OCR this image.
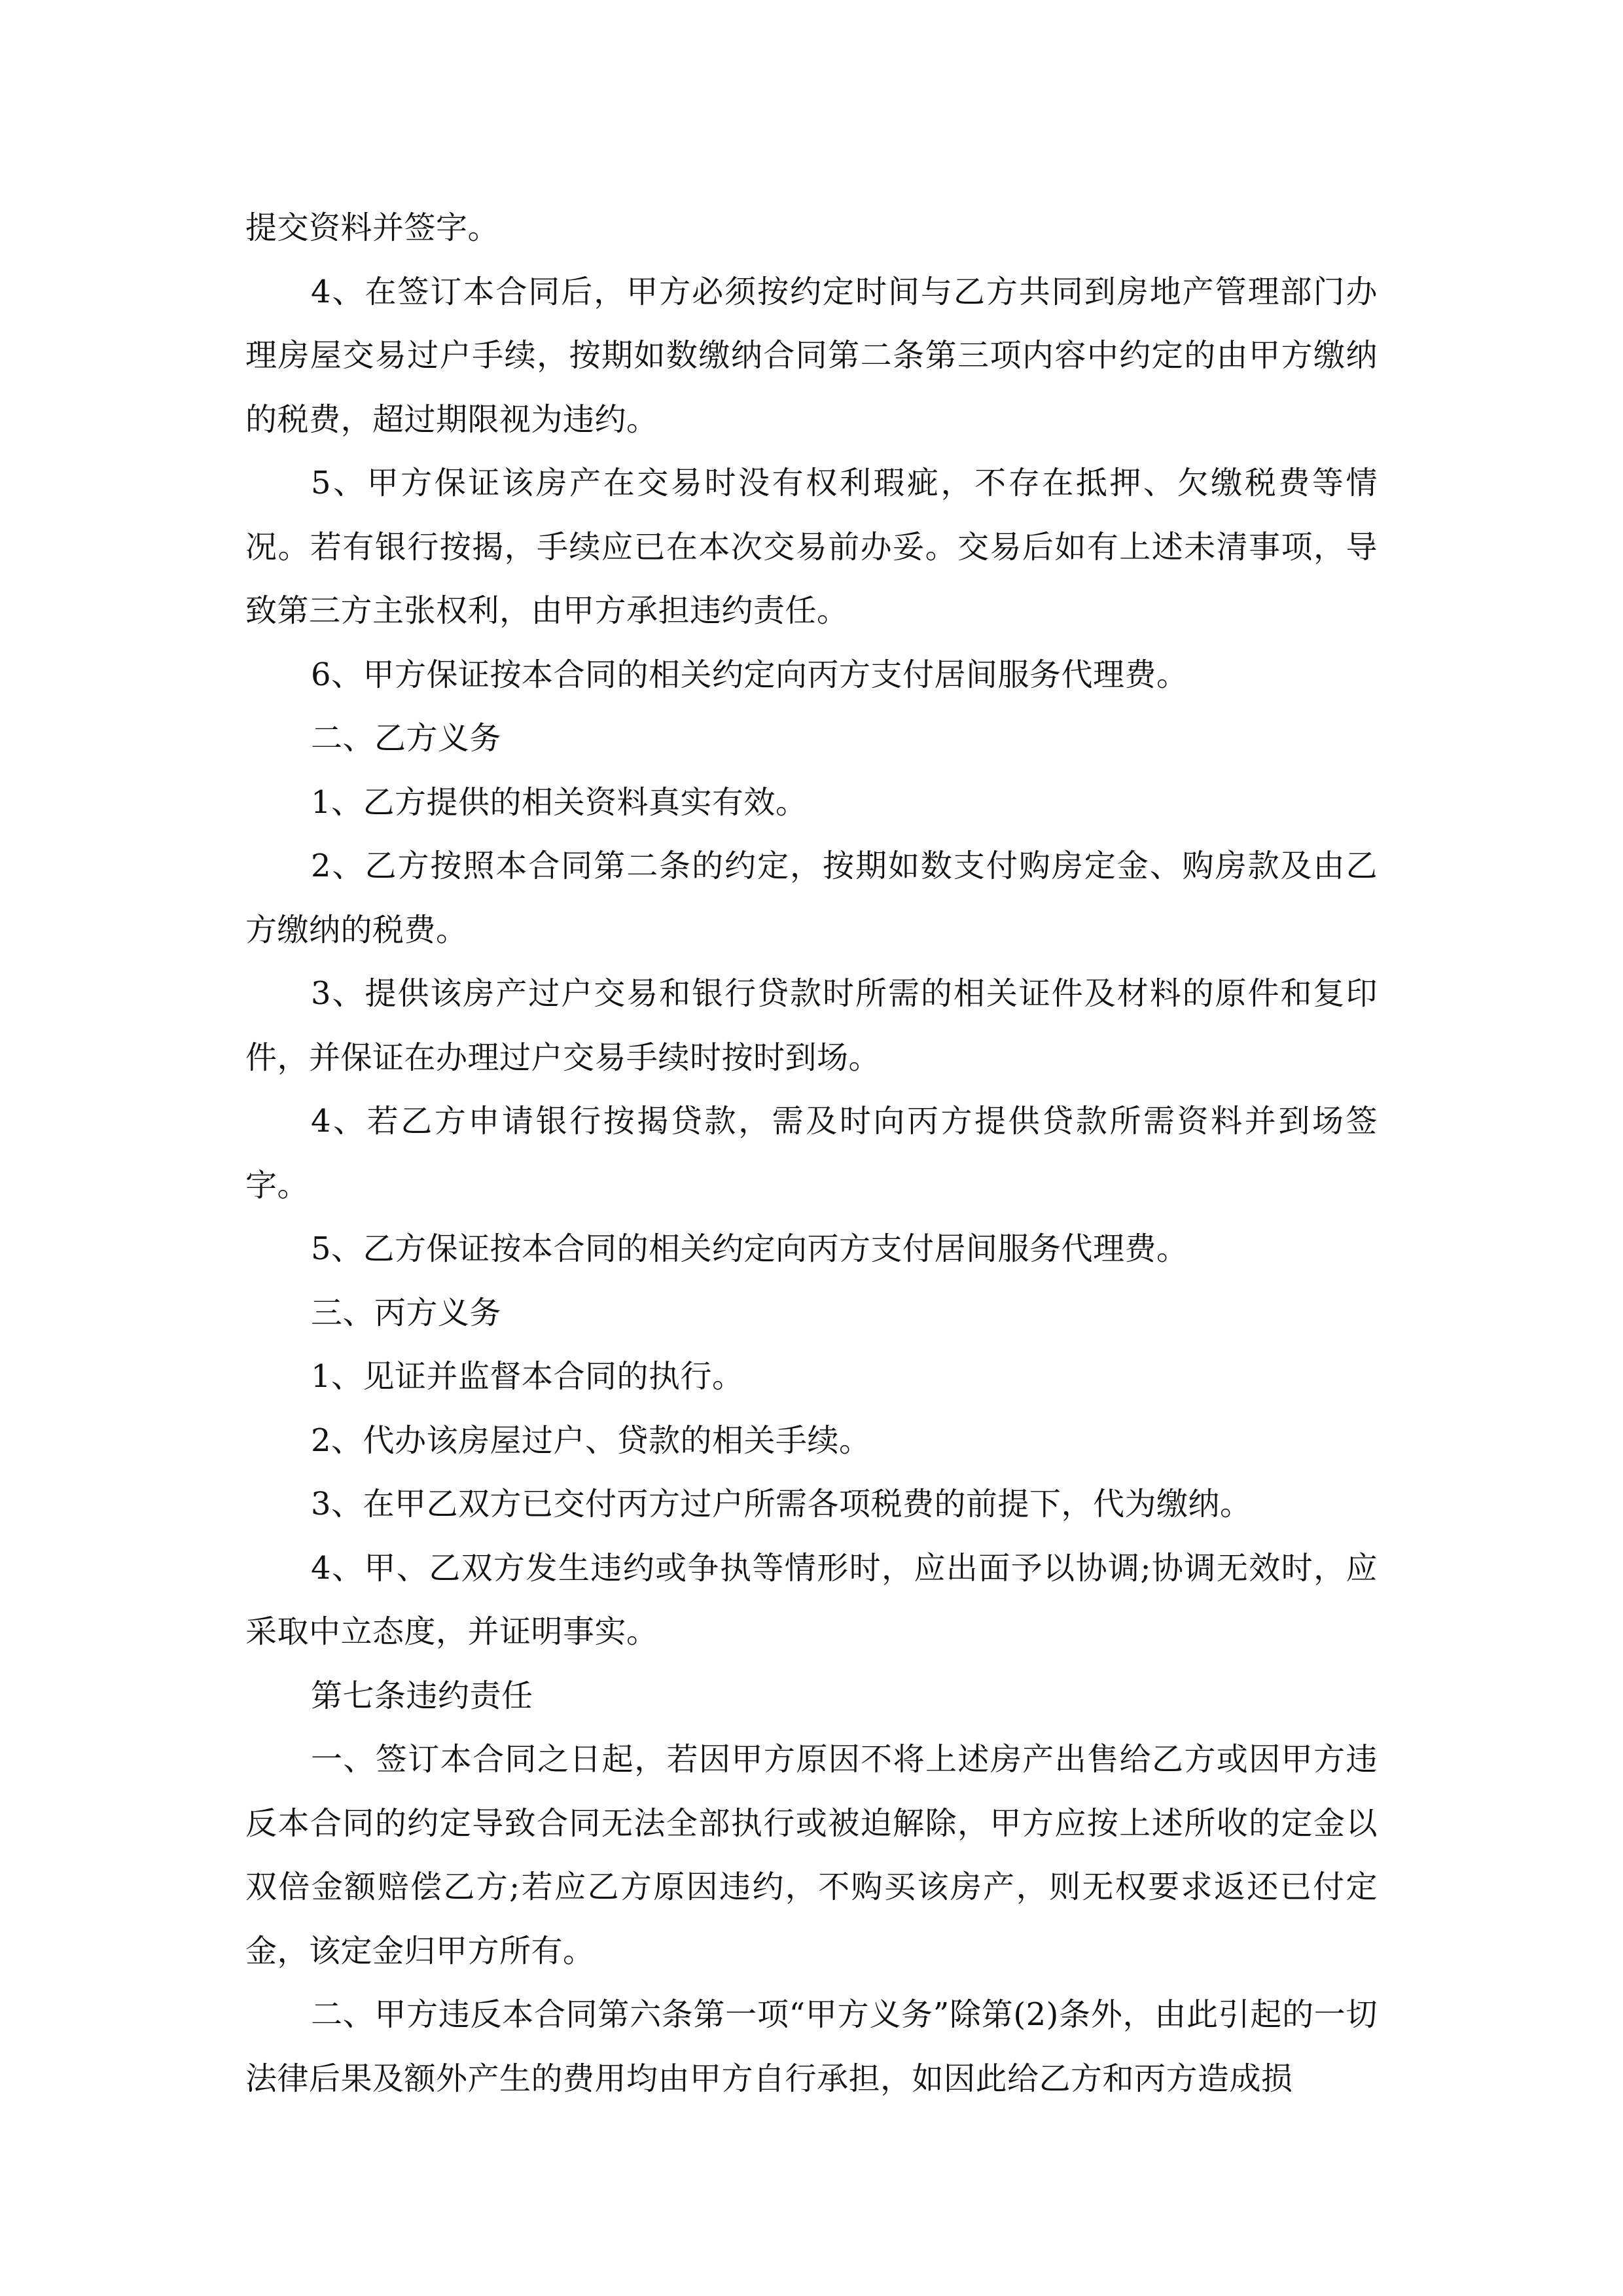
提交资料并签字。

4、在签订本合同后，甲方必须按约定时间与乙方共同到房地产管理部门办理房屋交易过户手续，按期如数缴纳合同第二条第三项内容中约定的由甲方缴纳的税费，超过期限视为违约。

5、甲方保证该房产在交易时没有权利瑕疵，不存在抵押、欠缴税费等情况。若有银行按揭，手续应已在本次交易前办妥。交易后如有上述未清事项，导致第三方主张权利，由甲方承担违约责任。

6、甲方保证按本合同的相关约定向丙方支付居间服务代理费。

二、乙方义务

1、乙方提供的相关资料真实有效。

2、乙方按照本合同第二条的约定，按期如数支付购房定金、购房款及由乙方缴纳的税费。

3、提供该房产过户交易和银行贷款时所需的相关证件及材料的原件和复印件，并保证在办理过户交易手续时按时到场。

4、若乙方申请银行按揭贷款，需及时向丙方提供贷款所需资料并到场签字。

5、乙方保证按本合同的相关约定向丙方支付居间服务代理费。

三、丙方义务

1、见证并监督本合同的执行。

2、代办该房屋过户、贷款的相关手续。

3、在甲乙双方已交付丙方过户所需各项税费的前提下，代为缴纳。

4、甲、乙双方发生违约或争执等情形时，应出面予以协调;协调无效时，应采取中立态度，并证明事实。

第七条违约责任

一、签订本合同之日起，若因甲方原因不将上述房产出售给乙方或因甲方违反本合同的约定导致合同无法全部执行或被迫解除，甲方应按上述所收的定金以双倍金额赔偿乙方;若应乙方原因违约，不购买该房产，则无权要求返还已付定金，该定金归甲方所有。

二、甲方违反本合同第六条第一项“甲方义务”除第(2)条外，由此引起的一切法律后果及额外产生的费用均由甲方自行承担，如因此给乙方和丙方造成损
